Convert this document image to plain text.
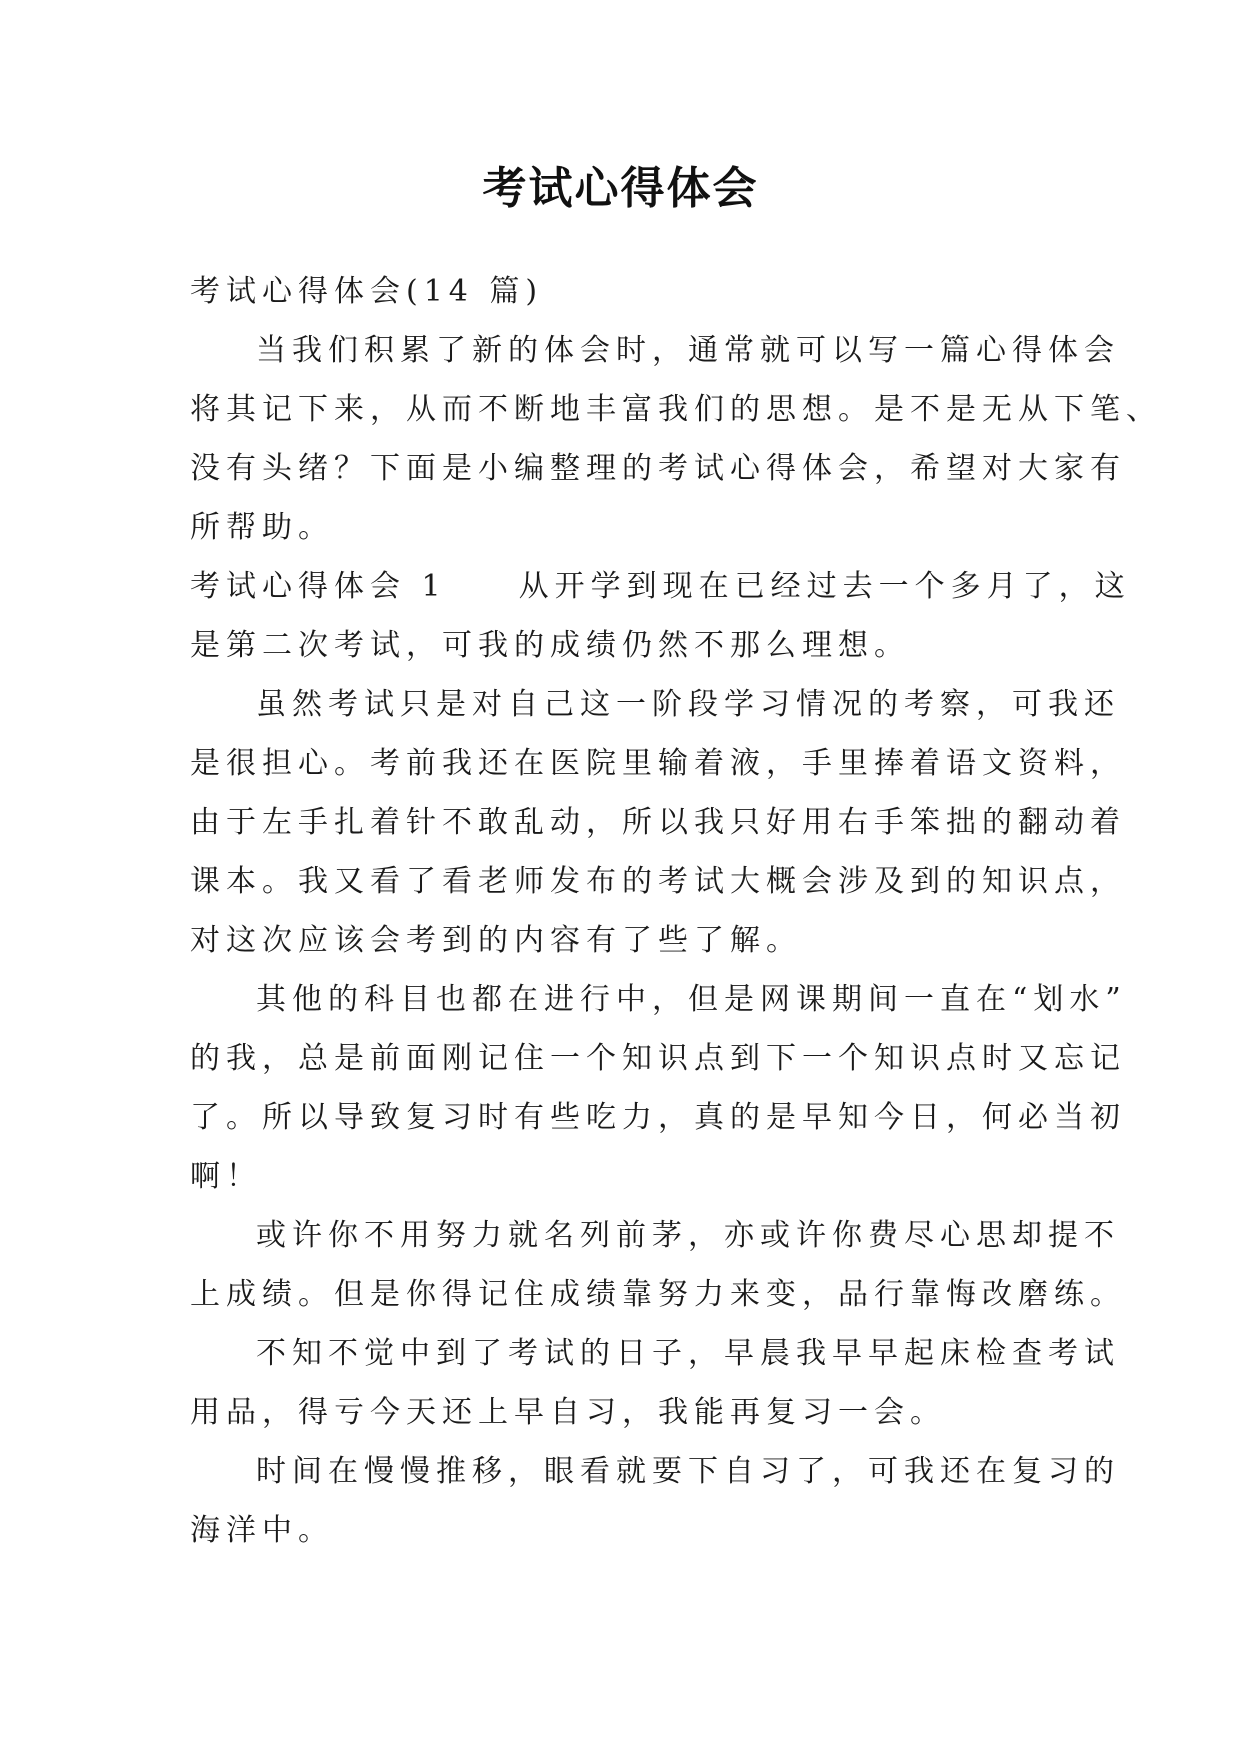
考试心得体会

考试心得体会(14 篇)

当我们积累了新的体会时，通常就可以写一篇心得体会
将其记下来，从而不断地丰富我们的思想。是不是无从下笔、
没有头绪？下面是小编整理的考试心得体会，希望对大家有
所帮助。

考试心得体会 1　　从开学到现在已经过去一个多月了，这
是第二次考试，可我的成绩仍然不那么理想。

虽然考试只是对自己这一阶段学习情况的考察，可我还
是很担心。考前我还在医院里输着液，手里捧着语文资料，
由于左手扎着针不敢乱动，所以我只好用右手笨拙的翻动着
课本。我又看了看老师发布的考试大概会涉及到的知识点，
对这次应该会考到的内容有了些了解。

其他的科目也都在进行中，但是网课期间一直在“划水”
的我，总是前面刚记住一个知识点到下一个知识点时又忘记
了。所以导致复习时有些吃力，真的是早知今日，何必当初
啊！

或许你不用努力就名列前茅，亦或许你费尽心思却提不
上成绩。但是你得记住成绩靠努力来变，品行靠悔改磨练。

不知不觉中到了考试的日子，早晨我早早起床检查考试
用品，得亏今天还上早自习，我能再复习一会。

时间在慢慢推移，眼看就要下自习了，可我还在复习的
海洋中。
